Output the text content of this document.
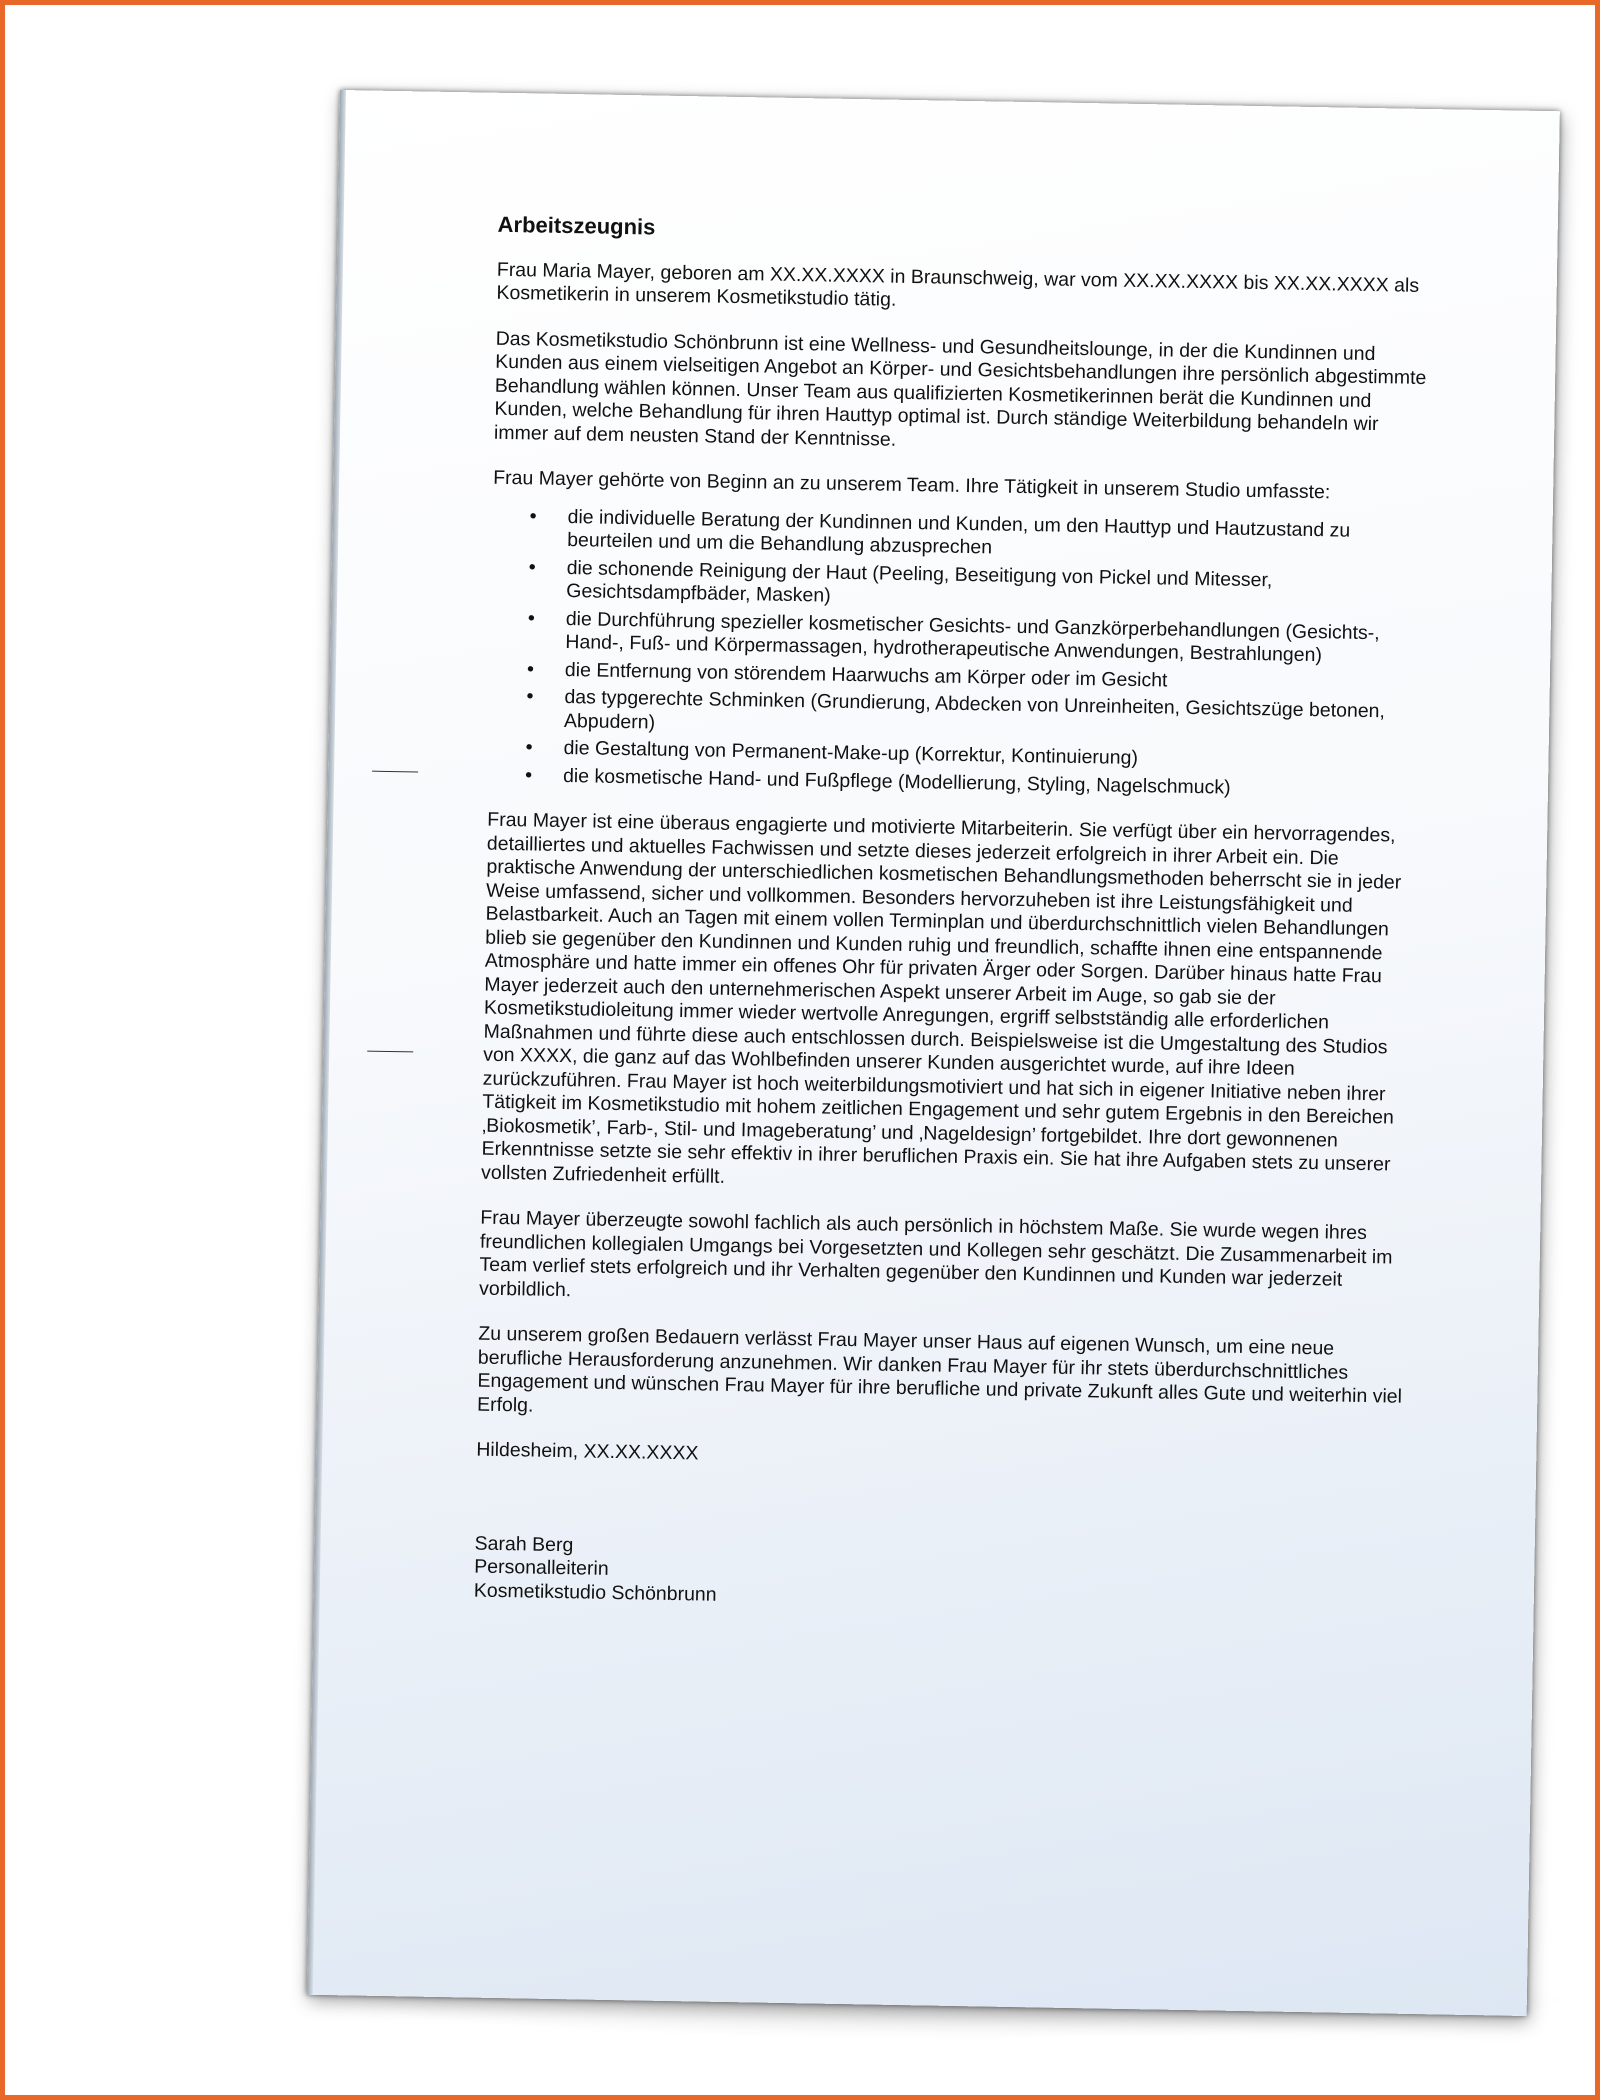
Arbeitszeugnis

Frau Maria Mayer, geboren am XX.XX.XXXX in Braunschweig, war vom XX.XX.XXXX bis XX.XX.XXXX als Kosmetikerin in unserem Kosmetikstudio tätig.

Das Kosmetikstudio Schönbrunn ist eine Wellness- und Gesundheitslounge, in der die Kundinnen und Kunden aus einem vielseitigen Angebot an Körper- und Gesichtsbehandlungen ihre persönlich abgestimmte Behandlung wählen können. Unser Team aus qualifizierten Kosmetikerinnen berät die Kundinnen und Kunden, welche Behandlung für ihren Hauttyp optimal ist. Durch ständige Weiterbildung behandeln wir immer auf dem neusten Stand der Kenntnisse.

Frau Mayer gehörte von Beginn an zu unserem Team. Ihre Tätigkeit in unserem Studio umfasste:

• die individuelle Beratung der Kundinnen und Kunden, um den Hauttyp und Hautzustand zu beurteilen und um die Behandlung abzusprechen
• die schonende Reinigung der Haut (Peeling, Beseitigung von Pickel und Mitesser, Gesichtsdampfbäder, Masken)
• die Durchführung spezieller kosmetischer Gesichts- und Ganzkörperbehandlungen (Gesichts-, Hand-, Fuß- und Körpermassagen, hydrotherapeutische Anwendungen, Bestrahlungen)
• die Entfernung von störendem Haarwuchs am Körper oder im Gesicht
• das typgerechte Schminken (Grundierung, Abdecken von Unreinheiten, Gesichtszüge betonen, Abpudern)
• die Gestaltung von Permanent-Make-up (Korrektur, Kontinuierung)
• die kosmetische Hand- und Fußpflege (Modellierung, Styling, Nagelschmuck)

Frau Mayer ist eine überaus engagierte und motivierte Mitarbeiterin. Sie verfügt über ein hervorragendes, detailliertes und aktuelles Fachwissen und setzte dieses jederzeit erfolgreich in ihrer Arbeit ein. Die praktische Anwendung der unterschiedlichen kosmetischen Behandlungsmethoden beherrscht sie in jeder Weise umfassend, sicher und vollkommen. Besonders hervorzuheben ist ihre Leistungsfähigkeit und Belastbarkeit. Auch an Tagen mit einem vollen Terminplan und überdurchschnittlich vielen Behandlungen blieb sie gegenüber den Kundinnen und Kunden ruhig und freundlich, schaffte ihnen eine entspannende Atmosphäre und hatte immer ein offenes Ohr für privaten Ärger oder Sorgen. Darüber hinaus hatte Frau Mayer jederzeit auch den unternehmerischen Aspekt unserer Arbeit im Auge, so gab sie der Kosmetikstudioleitung immer wieder wertvolle Anregungen, ergriff selbstständig alle erforderlichen Maßnahmen und führte diese auch entschlossen durch. Beispielsweise ist die Umgestaltung des Studios von XXXX, die ganz auf das Wohlbefinden unserer Kunden ausgerichtet wurde, auf ihre Ideen zurückzuführen. Frau Mayer ist hoch weiterbildungsmotiviert und hat sich in eigener Initiative neben ihrer Tätigkeit im Kosmetikstudio mit hohem zeitlichen Engagement und sehr gutem Ergebnis in den Bereichen ‚Biokosmetik’, Farb-, Stil- und Imageberatung’ und ‚Nageldesign’ fortgebildet. Ihre dort gewonnenen Erkenntnisse setzte sie sehr effektiv in ihrer beruflichen Praxis ein. Sie hat ihre Aufgaben stets zu unserer vollsten Zufriedenheit erfüllt.

Frau Mayer überzeugte sowohl fachlich als auch persönlich in höchstem Maße. Sie wurde wegen ihres freundlichen kollegialen Umgangs bei Vorgesetzten und Kollegen sehr geschätzt. Die Zusammenarbeit im Team verlief stets erfolgreich und ihr Verhalten gegenüber den Kundinnen und Kunden war jederzeit vorbildlich.

Zu unserem großen Bedauern verlässt Frau Mayer unser Haus auf eigenen Wunsch, um eine neue berufliche Herausforderung anzunehmen. Wir danken Frau Mayer für ihr stets überdurchschnittliches Engagement und wünschen Frau Mayer für ihre berufliche und private Zukunft alles Gute und weiterhin viel Erfolg.

Hildesheim, XX.XX.XXXX
Sarah Berg
Personalleiterin
Kosmetikstudio Schönbrunn
